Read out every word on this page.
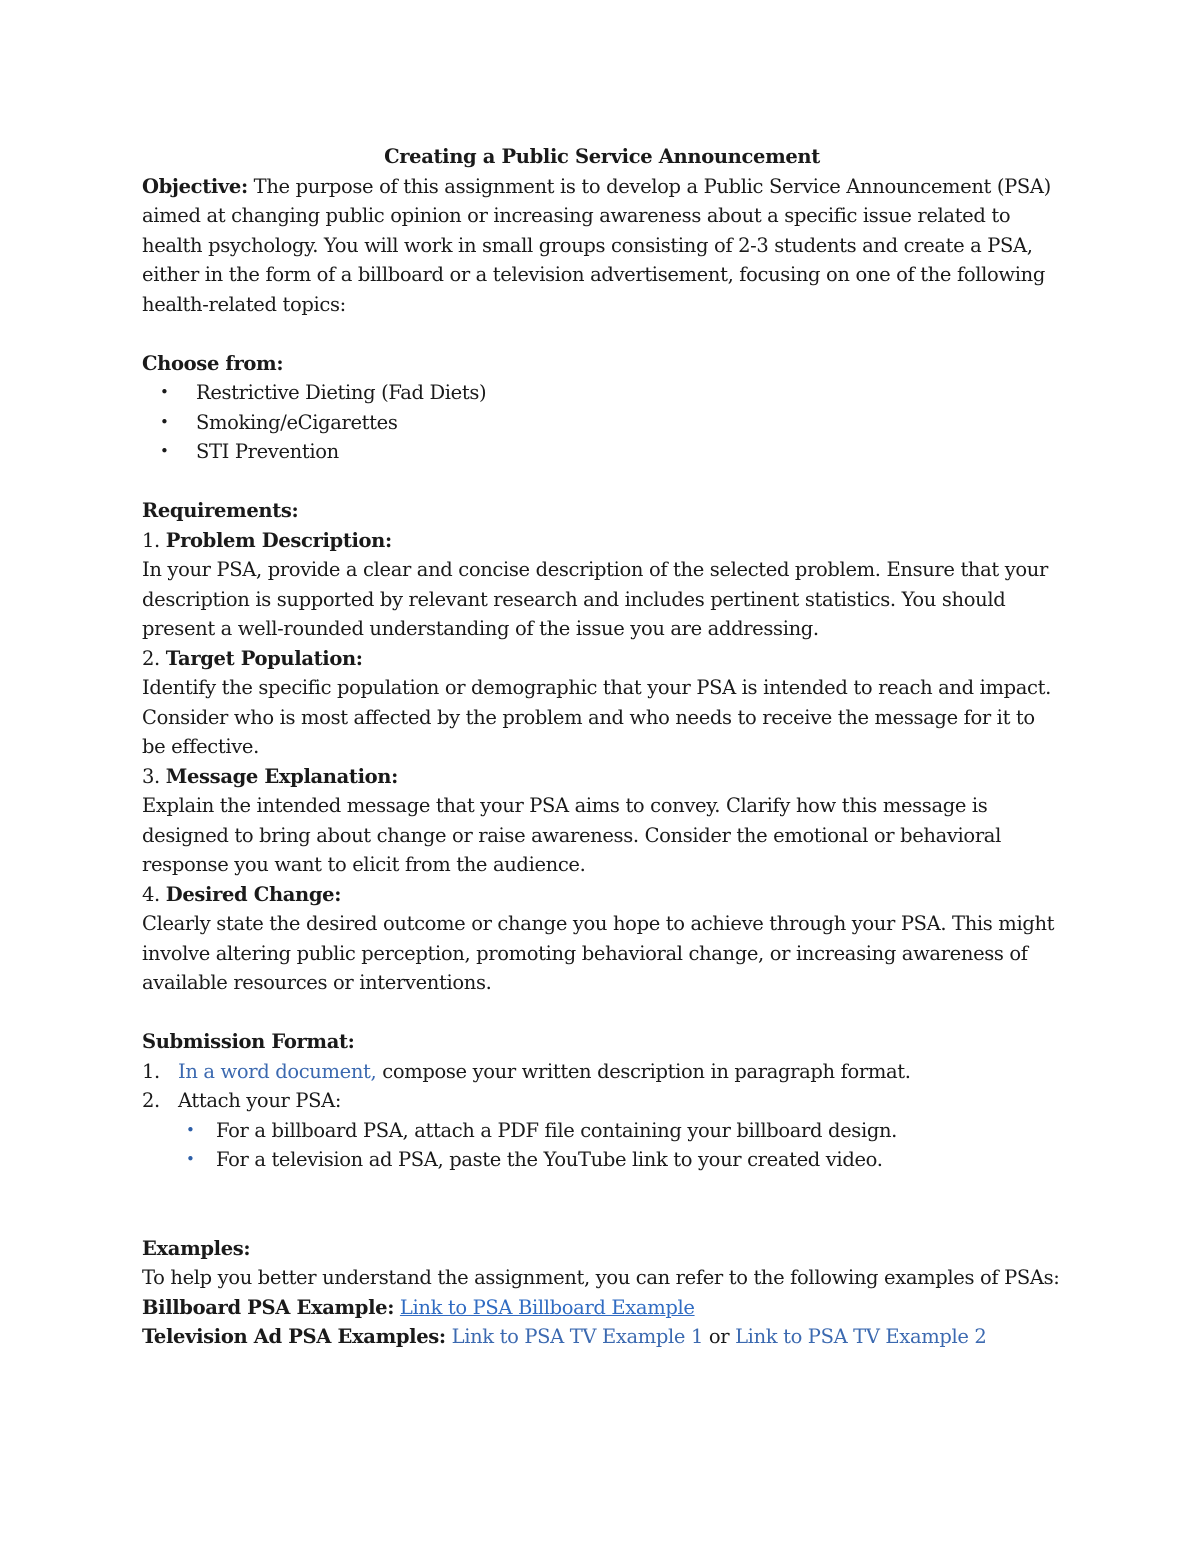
Creating a Public Service Announcement

Objective: The purpose of this assignment is to develop a Public Service Announcement (PSA) aimed at changing public opinion or increasing awareness about a specific issue related to health psychology. You will work in small groups consisting of 2-3 students and create a PSA, either in the form of a billboard or a television advertisement, focusing on one of the following health-related topics:

Choose from:

• Restrictive Dieting (Fad Diets)
• Smoking/eCigarettes
• STI Prevention

Requirements:

1. Problem Description:

In your PSA, provide a clear and concise description of the selected problem. Ensure that your description is supported by relevant research and includes pertinent statistics. You should present a well-rounded understanding of the issue you are addressing.

2. Target Population:

Identify the specific population or demographic that your PSA is intended to reach and impact. Consider who is most affected by the problem and who needs to receive the message for it to be effective.

3. Message Explanation:

Explain the intended message that your PSA aims to convey. Clarify how this message is designed to bring about change or raise awareness. Consider the emotional or behavioral response you want to elicit from the audience.

4. Desired Change:

Clearly state the desired outcome or change you hope to achieve through your PSA. This might involve altering public perception, promoting behavioral change, or increasing awareness of available resources or interventions.

Submission Format:

1. In a word document, compose your written description in paragraph format.
2. Attach your PSA:
• For a billboard PSA, attach a PDF file containing your billboard design.
• For a television ad PSA, paste the YouTube link to your created video.

Examples:

To help you better understand the assignment, you can refer to the following examples of PSAs:

Billboard PSA Example: Link to PSA Billboard Example

Television Ad PSA Examples: Link to PSA TV Example 1 or Link to PSA TV Example 2
